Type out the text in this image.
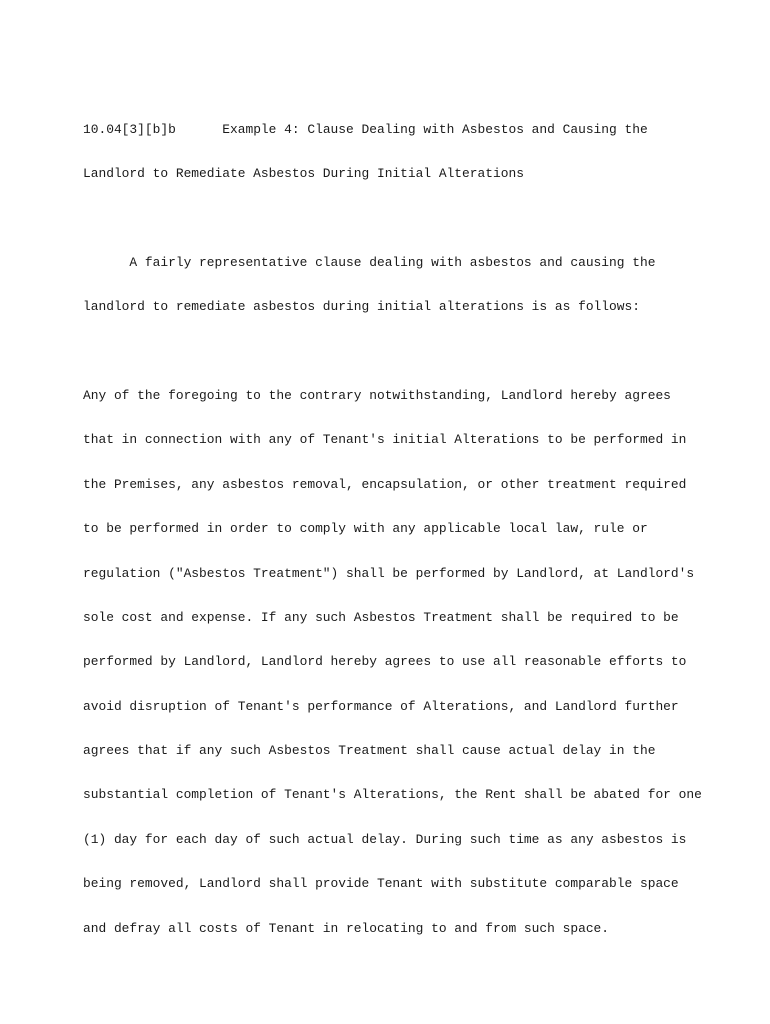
10.04[3][b]b	Example 4: Clause Dealing with Asbestos and Causing the

Landlord to Remediate Asbestos During Initial Alterations

A fairly representative clause dealing with asbestos and causing the

landlord to remediate asbestos during initial alterations is as follows:

Any of the foregoing to the contrary notwithstanding, Landlord hereby agrees

that in connection with any of Tenant's initial Alterations to be performed in

the Premises, any asbestos removal, encapsulation, or other treatment required

to be performed in order to comply with any applicable local law, rule or

regulation ("Asbestos Treatment") shall be performed by Landlord, at Landlord's

sole cost and expense. If any such Asbestos Treatment shall be required to be

performed by Landlord, Landlord hereby agrees to use all reasonable efforts to

avoid disruption of Tenant's performance of Alterations, and Landlord further

agrees that if any such Asbestos Treatment shall cause actual delay in the

substantial completion of Tenant's Alterations, the Rent shall be abated for one

(1) day for each day of such actual delay. During such time as any asbestos is

being removed, Landlord shall provide Tenant with substitute comparable space

and defray all costs of Tenant in relocating to and from such space.
